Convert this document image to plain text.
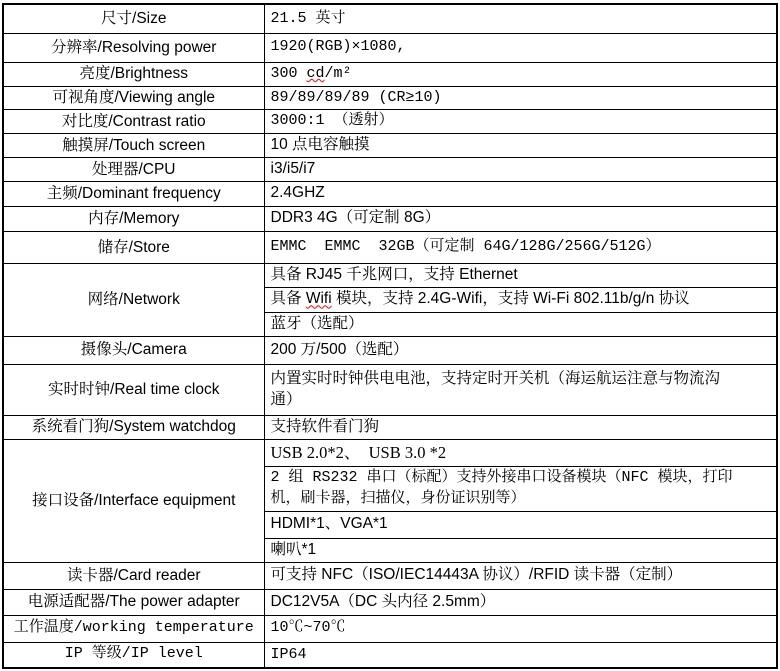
尺寸/Size	21.5 英寸
分辨率/Resolving power	1920(RGB)×1080,
亮度/Brightness	300 cd/m²
可视角度/Viewing angle	89/89/89/89 (CR≥10)
对比度/Contrast ratio	3000:1 （透射）
触摸屏/Touch screen	10 点电容触摸
处理器/CPU	i3/i5/i7
主频/Dominant frequency	2.4GHZ
内存/Memory	DDR3 4G（可定制 8G）
储存/Store	EMMC  EMMC  32GB（可定制 64G/128G/256G/512G）
网络/Network	具备 RJ45 千兆网口，支持 Ethernet
	具备 Wifi 模块，支持 2.4G-Wifi，支持 Wi-Fi 802.11b/g/n 协议
	蓝牙（选配）
摄像头/Camera	200 万/500（选配）
实时时钟/Real time clock	内置实时时钟供电电池，支持定时开关机（海运航运注意与物流沟
通）
系统看门狗/System watchdog	支持软件看门狗
接口设备/Interface equipment	USB 2.0*2、  USB 3.0 *2
	2 组 RS232 串口（标配）支持外接串口设备模块（NFC 模块，打印
机，刷卡器，扫描仪，身份证识别等）
	HDMI*1、VGA*1
	喇叭*1
读卡器/Card reader	可支持 NFC（ISO/IEC14443A 协议）/RFID 读卡器（定制）
电源适配器/The power adapter	DC12V5A（DC 头内径 2.5mm）
工作温度/working temperature	10℃~70℃
IP 等级/IP level	IP64
